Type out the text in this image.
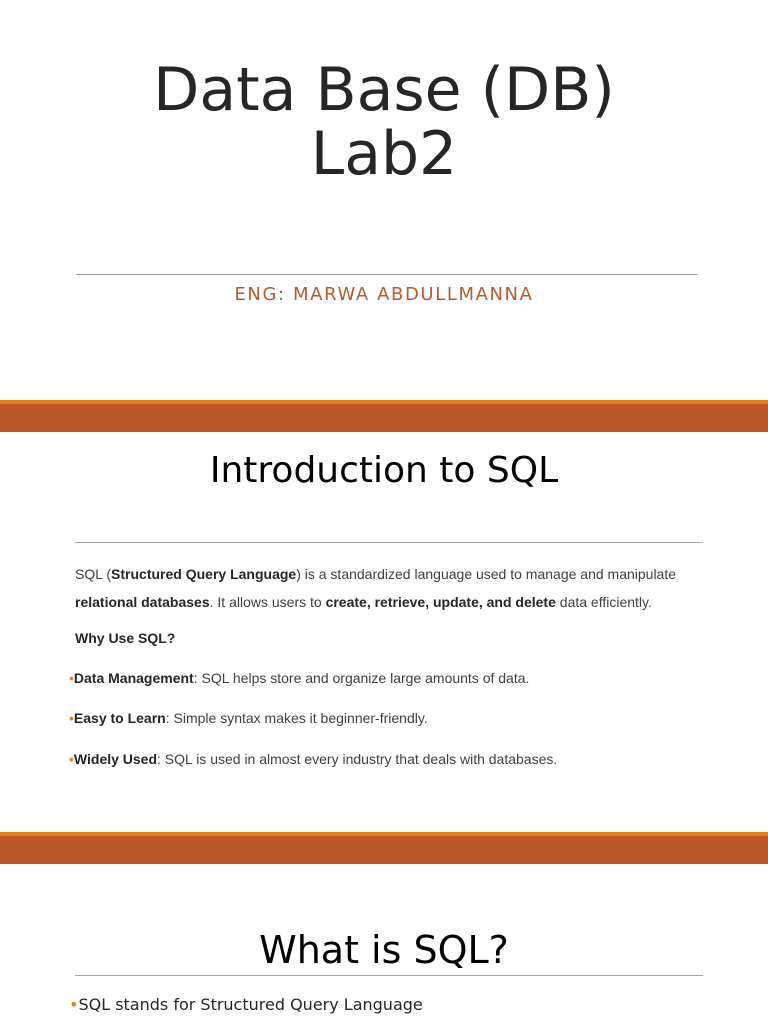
Data Base (DB)
Lab2

ENG: MARWA ABDULLMANNA

Introduction to SQL
SQL (Structured Query Language) is a standardized language used to manage and manipulate relational databases. It allows users to create, retrieve, update, and delete data efficiently.
Why Use SQL?
•Data Management: SQL helps store and organize large amounts of data.
•Easy to Learn: Simple syntax makes it beginner-friendly.
•Widely Used: SQL is used in almost every industry that deals with databases.
What is SQL?
•SQL stands for Structured Query Language
